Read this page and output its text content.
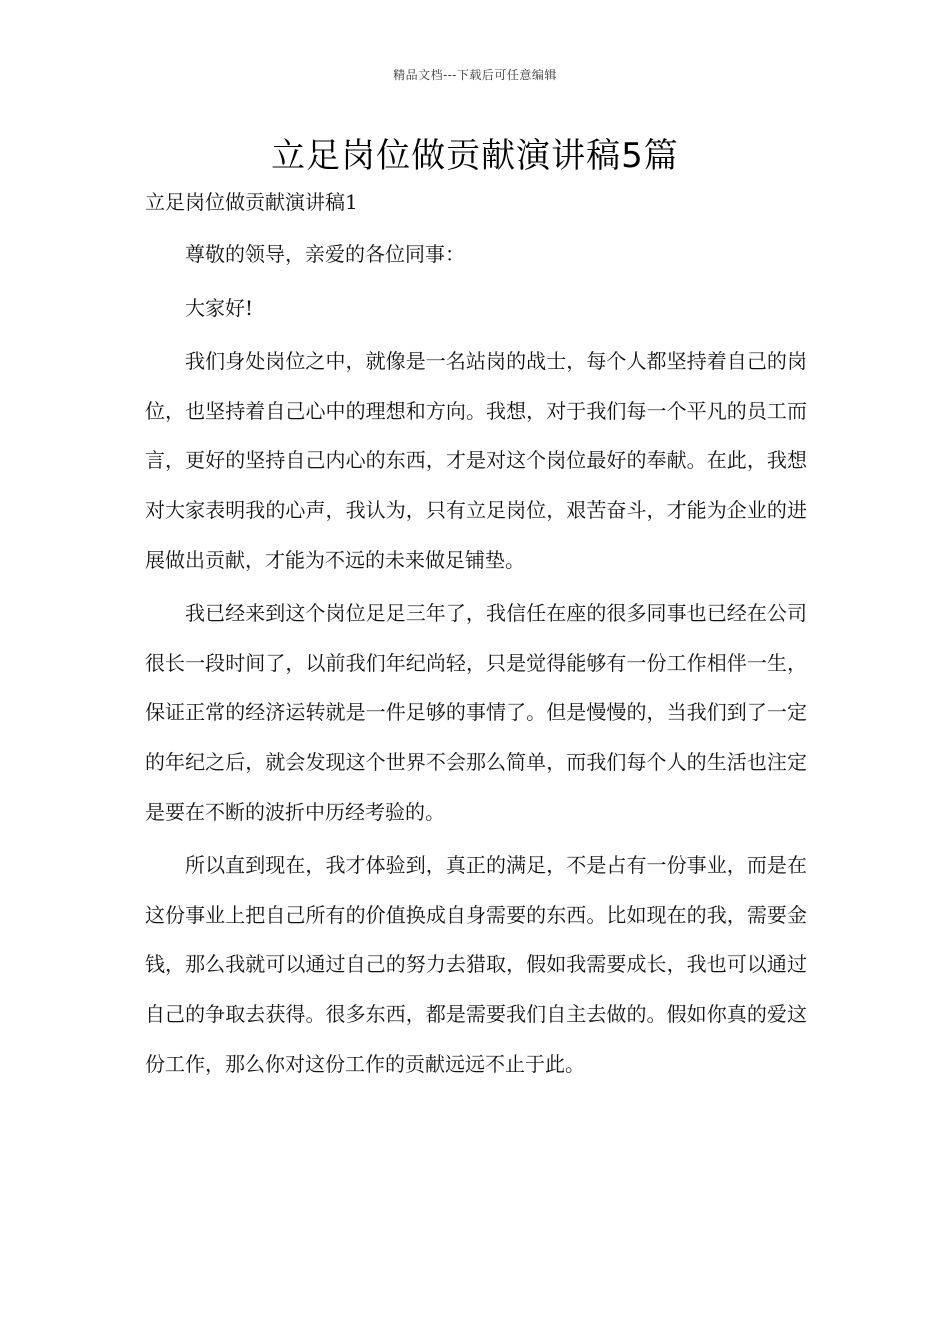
精品文档---下载后可任意编辑
立足岗位做贡献演讲稿5篇
立足岗位做贡献演讲稿1

尊敬的领导，亲爱的各位同事：

大家好!

我们身处岗位之中，就像是一名站岗的战士，每个人都坚持着自己的岗位，也坚持着自己心中的理想和方向。我想，对于我们每一个平凡的员工而言，更好的坚持自己内心的东西，才是对这个岗位最好的奉献。在此，我想对大家表明我的心声，我认为，只有立足岗位，艰苦奋斗，才能为企业的进展做出贡献，才能为不远的未来做足铺垫。

我已经来到这个岗位足足三年了，我信任在座的很多同事也已经在公司很长一段时间了，以前我们年纪尚轻，只是觉得能够有一份工作相伴一生，保证正常的经济运转就是一件足够的事情了。但是慢慢的，当我们到了一定的年纪之后，就会发现这个世界不会那么简单，而我们每个人的生活也注定是要在不断的波折中历经考验的。

所以直到现在，我才体验到，真正的满足，不是占有一份事业，而是在这份事业上把自己所有的价值换成自身需要的东西。比如现在的我，需要金钱，那么我就可以通过自己的努力去猎取，假如我需要成长，我也可以通过自己的争取去获得。很多东西，都是需要我们自主去做的。假如你真的爱这份工作，那么你对这份工作的贡献远远不止于此。
